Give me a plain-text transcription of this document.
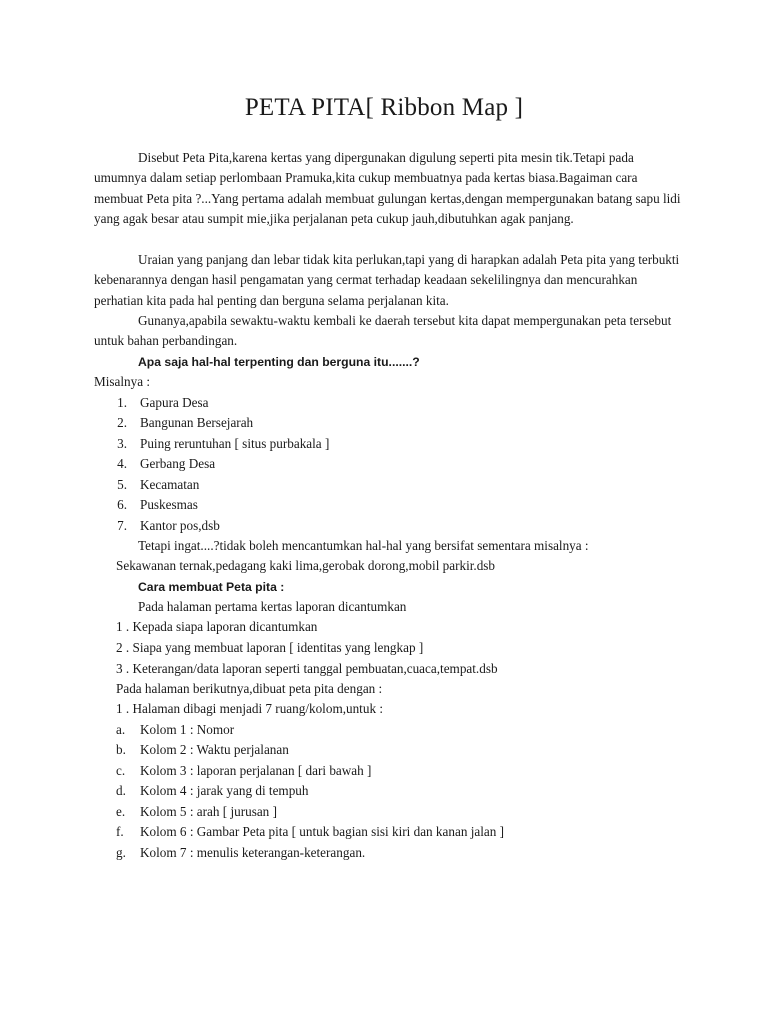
PETA PITA[ Ribbon Map ]

Disebut Peta Pita,karena kertas yang dipergunakan digulung seperti pita mesin tik.Tetapi pada umumnya dalam setiap perlombaan Pramuka,kita cukup membuatnya pada kertas biasa.Bagaiman cara membuat Peta pita ?...Yang pertama adalah membuat gulungan kertas,dengan mempergunakan batang sapu lidi yang agak besar atau sumpit mie,jika perjalanan peta cukup jauh,dibutuhkan agak panjang.

Uraian yang panjang dan lebar tidak kita perlukan,tapi yang di harapkan adalah Peta pita yang terbukti kebenarannya dengan hasil pengamatan yang cermat terhadap keadaan sekelilingnya dan mencurahkan perhatian kita pada hal penting dan berguna selama perjalanan kita.

Gunanya,apabila sewaktu-waktu kembali ke daerah tersebut kita dapat mempergunakan peta tersebut untuk bahan perbandingan.

Apa saja hal-hal terpenting dan berguna itu.......?
Misalnya :
1. Gapura Desa
2. Bangunan Bersejarah
3. Puing reruntuhan [ situs purbakala ]
4. Gerbang Desa
5. Kecamatan
6. Puskesmas
7. Kantor pos,dsb
Tetapi ingat....?tidak boleh mencantumkan hal-hal yang bersifat sementara misalnya :
Sekawanan ternak,pedagang kaki lima,gerobak dorong,mobil parkir.dsb
Cara membuat Peta pita :
Pada halaman pertama kertas laporan dicantumkan
1 . Kepada siapa laporan dicantumkan
2 . Siapa yang membuat laporan [ identitas yang lengkap ]
3 . Keterangan/data laporan seperti tanggal pembuatan,cuaca,tempat.dsb
Pada halaman berikutnya,dibuat peta pita dengan :
1 . Halaman dibagi menjadi 7 ruang/kolom,untuk :
a. Kolom 1 : Nomor
b. Kolom 2 : Waktu perjalanan
c. Kolom 3 : laporan perjalanan [ dari bawah ]
d. Kolom 4 : jarak yang di tempuh
e. Kolom 5 : arah [ jurusan ]
f. Kolom 6 : Gambar Peta pita [ untuk bagian sisi kiri dan kanan jalan ]
g. Kolom 7 : menulis keterangan-keterangan.
